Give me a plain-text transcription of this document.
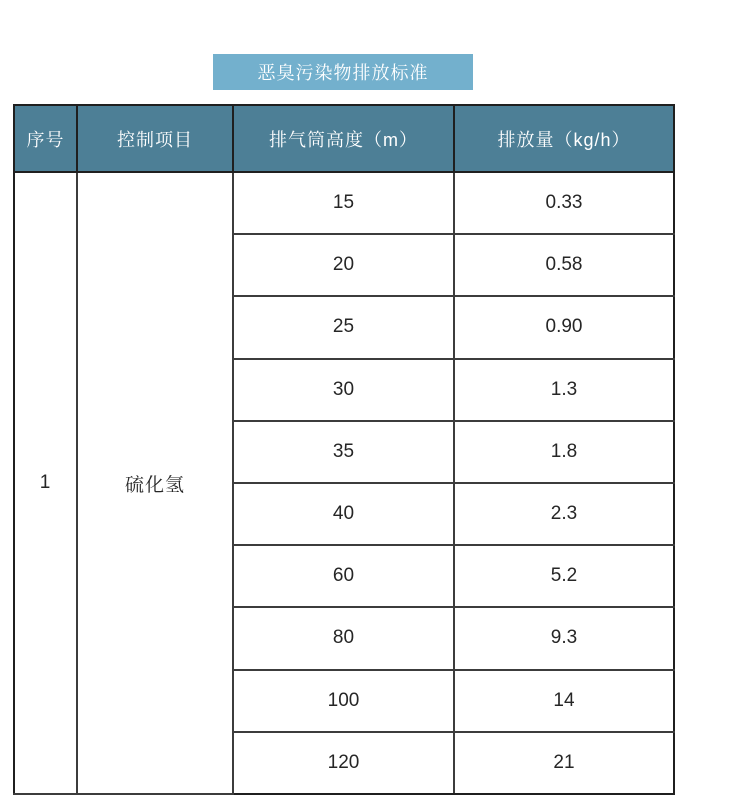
恶臭污染物排放标准
序号	控制项目	排气筒高度（m）	排放量（kg/h）
1	硫化氢	15	0.33
		20	0.58
		25	0.90
		30	1.3
		35	1.8
		40	2.3
		60	5.2
		80	9.3
		100	14
		120	21
